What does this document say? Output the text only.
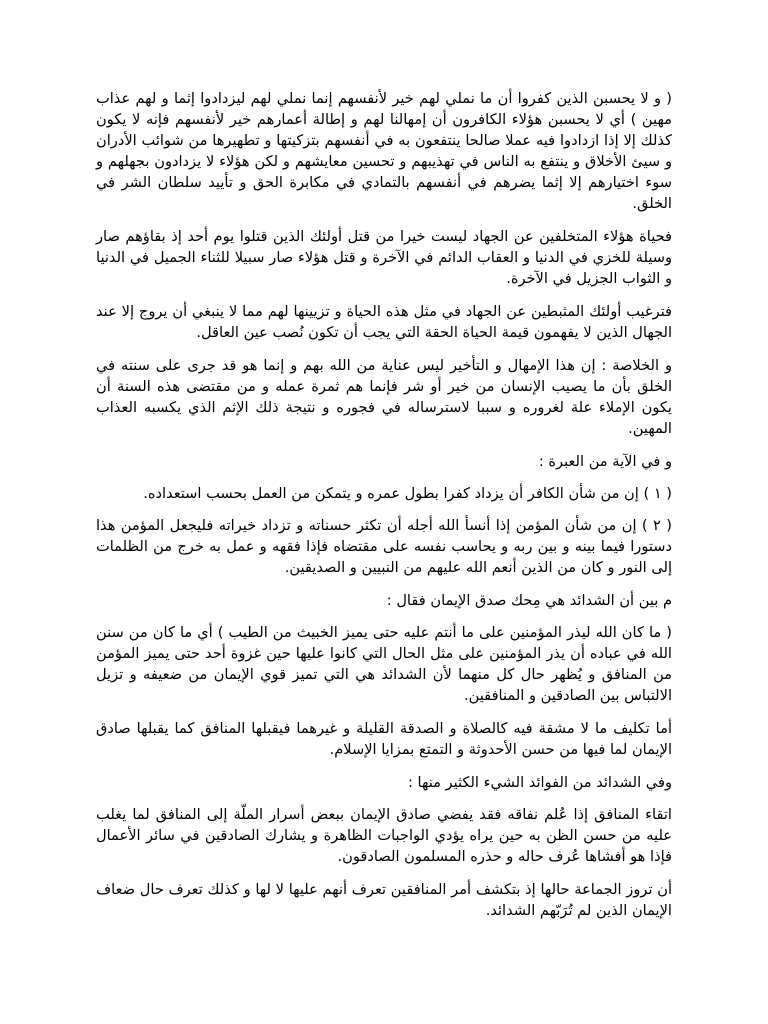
( و لا يحسبن الذين كفروا أن ما نملي لهم خير لأنفسهم إنما نملي لهم ليزدادوا إثما و لهم عذاب مهين ) أي لا يحسبن هؤلاء الكافرون أن إمهالنا لهم و إطالة أعمارهم خير لأنفسهم فإنه لا يكون كذلك إلا إذا ازدادوا فيه عملا صالحا ينتفعون به في أنفسهم بتزكيتها و تطهيرها من شوائب الأدران و سيئ الأخلاق و ينتفع به الناس في تهذيبهم و تحسين معايشهم و لكن هؤلاء لا يزدادون بجهلهم و سوء اختيارهم إلا إثما يضرهم في أنفسهم بالتمادي في مكابرة الحق و تأييد سلطان الشر في الخلق.

فحياة هؤلاء المتخلفين عن الجهاد ليست خيرا من قتل أولئك الذين قتلوا يوم أحد إذ بقاؤهم صار وسيلة للخزي في الدنيا و العقاب الدائم في الآخرة و قتل هؤلاء صار سبيلا للثناء الجميل في الدنيا و الثواب الجزيل في الآخرة.

فترغيب أولئك المثبطين عن الجهاد في مثل هذه الحياة و تزيينها لهم مما لا ينبغي أن يروج إلا عند الجهال الذين لا يفهمون قيمة الحياة الحقة التي يجب أن تكون نُصب عين العاقل.

و الخلاصة : إن هذا الإمهال و التأخير ليس عناية من الله بهم و إنما هو قد جرى على سنته في الخلق بأن ما يصيب الإنسان من خير أو شر فإنما هم ثمرة عمله و من مقتضى هذه السنة أن يكون الإملاء علة لغروره و سببا لاسترساله في فجوره و نتيجة ذلك الإثم الذي يكسبه العذاب المهين.

و في الآية من العبرة :

( ١ ) إن من شأن الكافر أن يزداد كفرا بطول عمره و يتمكن من العمل بحسب استعداده.

( ٢ ) إن من شأن المؤمن إذا أنسأ الله أجله أن تكثر حسناته و تزداد خيراته فليجعل المؤمن هذا دستورا فيما بينه و بين ربه و يحاسب نفسه على مقتضاه فإذا فقهه و عمل به خرج من الظلمات إلى النور و كان من الذين أنعم الله عليهم من النبيين و الصديقين.

م بين أن الشدائد هي مِحك صدق الإيمان فقال :

( ما كان الله ليذر المؤمنين على ما أنتم عليه حتى يميز الخبيث من الطيب ) أي ما كان من سنن الله في عباده أن يذر المؤمنين على مثل الحال التي كانوا عليها حين غزوة أحد حتى يميز المؤمن من المنافق و يُظهر حال كل منهما لأن الشدائد هي التي تميز قوي الإيمان من ضعيفه و تزيل الالتباس بين الصادقين و المنافقين.

أما تكليف ما لا مشقة فيه كالصلاة و الصدقة القليلة و غيرهما فيقبلها المنافق كما يقبلها صادق الإيمان لما فيها من حسن الأحدوثة و التمتع بمزايا الإسلام.

وفي الشدائد من الفوائد الشيء الكثير منها :

اتقاء المنافق إذا عُلم نفاقه فقد يفضي صادق الإيمان ببعض أسرار الملّة إلى المنافق لما يغلب عليه من حسن الظن به حين يراه يؤدي الواجبات الظاهرة و يشارك الصادقين في سائر الأعمال فإذا هو أفشاها عُرف حاله و حذره المسلمون الصادقون.

أن تروز الجماعة حالها إذ بتكشف أمر المنافقين تعرف أنهم عليها لا لها و كذلك تعرف حال ضعاف الإيمان الذين لم تُرَبّهم الشدائد.
